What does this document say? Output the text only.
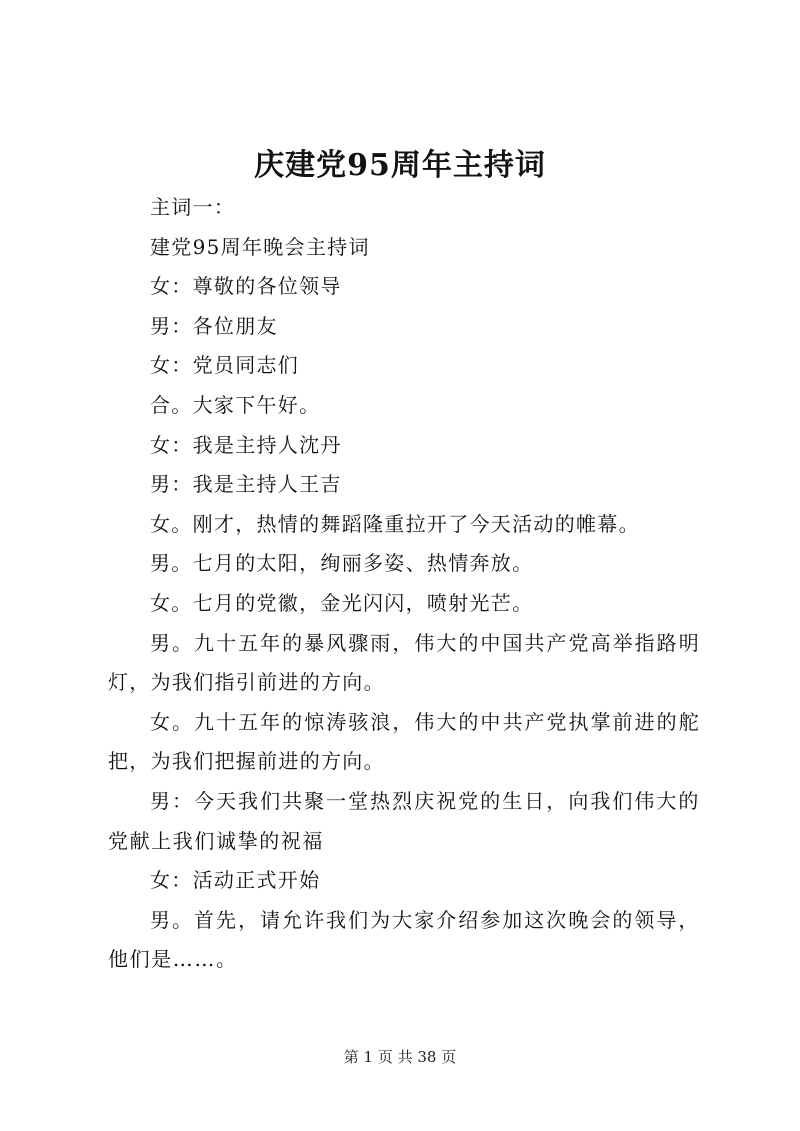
庆建党95周年主持词

主词一：

建党95周年晚会主持词

女：尊敬的各位领导

男：各位朋友

女：党员同志们

合。大家下午好。

女：我是主持人沈丹

男：我是主持人王吉

女。刚才，热情的舞蹈隆重拉开了今天活动的帷幕。

男。七月的太阳，绚丽多姿、热情奔放。

女。七月的党徽，金光闪闪，喷射光芒。

男。九十五年的暴风骤雨，伟大的中国共产党高举指路明灯，为我们指引前进的方向。

女。九十五年的惊涛骇浪，伟大的中共产党执掌前进的舵把，为我们把握前进的方向。

男：今天我们共聚一堂热烈庆祝党的生日，向我们伟大的党献上我们诚挚的祝福

女：活动正式开始

男。首先，请允许我们为大家介绍参加这次晚会的领导，他们是……。

第 1 页 共 38 页
